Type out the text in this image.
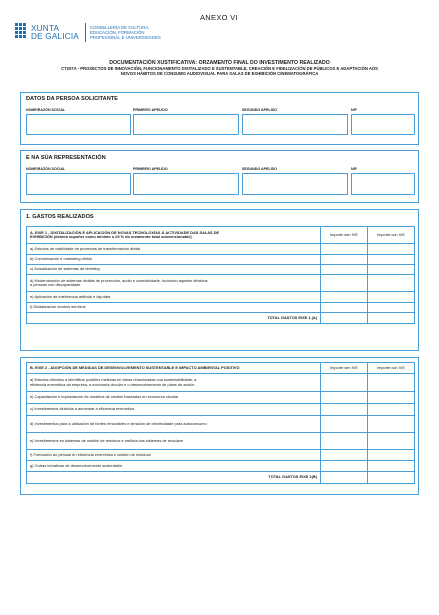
ANEXO VI
XUNTA
DE GALICIA
CONSELLERÍA DE CULTURA,
EDUCACIÓN, FORMACIÓN
PROFESIONAL E UNIVERSIDADES
DOCUMENTACIÓN XUSTIFICATIVA: ORZAMENTO FINAL DO INVESTIMENTO REALIZADO
CT207A - PROXECTOS DE INNOVACIÓN, FUNCIONAMENTO DIXITALIZADO E SUSTENTABLE, CREACIÓN E FIDELIZACIÓN DE PÚBLICOS E ADAPTACIÓN AOS
NOVOS HÁBITOS DE CONSUMO AUDIOVISUAL PARA SALAS DE EXHIBICIÓN CINEMATOGRÁFICA
DATOS DA PERSOA SOLICITANTE
NOME/RAZÓN SOCIAL	PRIMEIRO APELIDO	SEGUNDO APELIDO	NIF
E NA SÚA REPRESENTACIÓN
NOME/RAZÓN SOCIAL	PRIMEIRO APELIDO	SEGUNDO APELIDO	NIF
1. GASTOS REALIZADOS
A. EIXE 1 - DIXITALIZACIÓN E APLICACIÓN DE NOVAS TECNOLOXÍAS Á ACTIVIDADE DAS SALAS DE
EXHIBICIÓN (deberá supoñer como mínimo o 25 % do orzamento total subvencionable)	Importe sen IVE	Importe con IVE
a) Estudos de viabilidade de proxectos de transformación dixital		
b) Comunicación e marketing dixital		
c) Actualización de sistemas de ticketing		
d) Modernización de sistemas dixitais de proxección, audio e conectividade, incluíndo aqueles dirixidos
a persoas con discapacidade		
e) Aplicación de intelixencia artificial e big data		
f) Dixitalización doutros servizos		
TOTAL GASTOS EIXE 1 (A)		
B. EIXE 2 - ADOPCIÓN DE MEDIDAS DE DESENVOLVEMENTO SUSTENTABLE E IMPACTO AMBIENTAL POSITIVO	Importe sen IVE	Importe con IVE
a) Estudos dirixidos a identificar posibles melloras en áreas relacionadas coa sustentabilidade, a
eficiencia enerxética da empresa, a economía circular e o desenvolvemento de plans de acción		
b) Capacitación e implantación de modelos de xestión baseados en economía circular		
c) Investimentos dirixidos a aumentar a eficiencia enerxética		
d) Investimentos para a utilización de fontes renovables e xeración de electricidade para autoconsumo		
e) Investimentos en sistemas de xestión de residuos e mellora dos sistemas de reciclaxe		
f) Formación ao persoal en eficiencia enerxética e xestión de residuos		
g) Outras iniciativas de desenvolvemento sustentable		
TOTAL GASTOS EIXE 2(B)		
